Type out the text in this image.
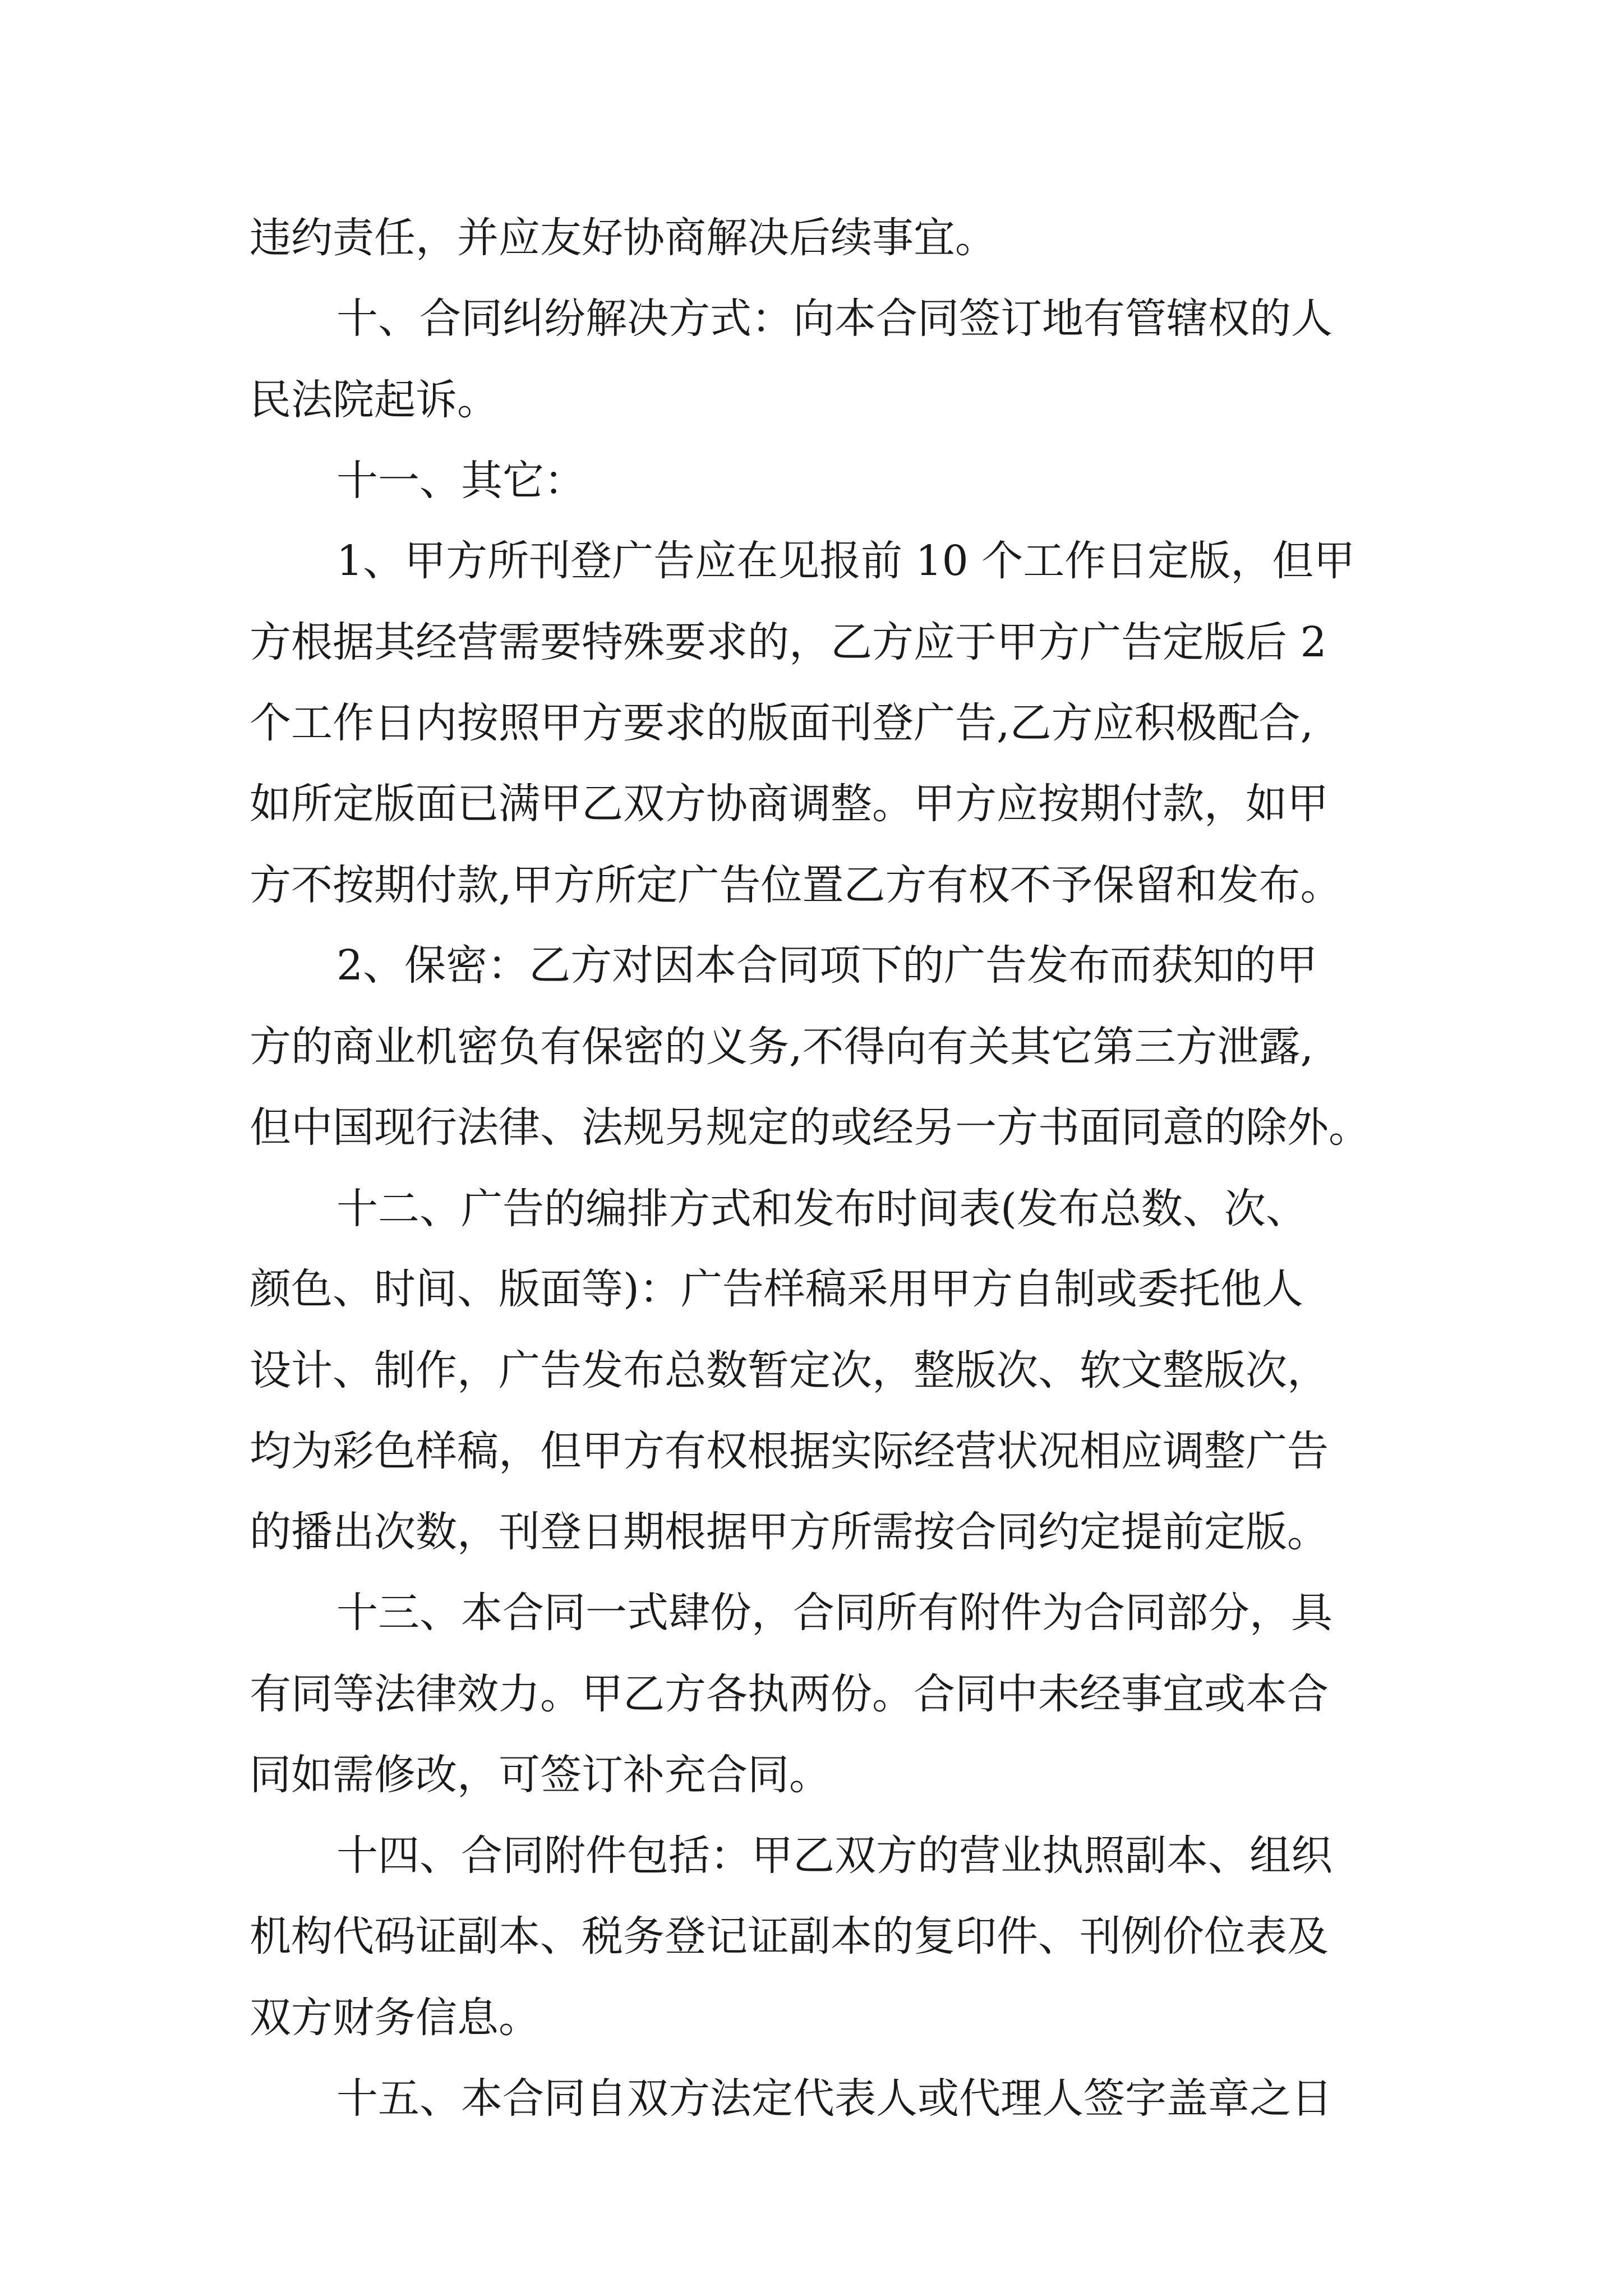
违约责任，并应友好协商解决后续事宜。
十、合同纠纷解决方式：向本合同签订地有管辖权的人
民法院起诉。
十一、其它：
1、甲方所刊登广告应在见报前 10 个工作日定版，但甲
方根据其经营需要特殊要求的，乙方应于甲方广告定版后 2
个工作日内按照甲方要求的版面刊登广告,乙方应积极配合,
如所定版面已满甲乙双方协商调整。甲方应按期付款，如甲
方不按期付款,甲方所定广告位置乙方有权不予保留和发布。
2、保密：乙方对因本合同项下的广告发布而获知的甲
方的商业机密负有保密的义务,不得向有关其它第三方泄露,
但中国现行法律、法规另规定的或经另一方书面同意的除外。
十二、广告的编排方式和发布时间表(发布总数、次、
颜色、时间、版面等)：广告样稿采用甲方自制或委托他人
设计、制作，广告发布总数暂定次，整版次、软文整版次，
均为彩色样稿，但甲方有权根据实际经营状况相应调整广告
的播出次数，刊登日期根据甲方所需按合同约定提前定版。
十三、本合同一式肆份，合同所有附件为合同部分，具
有同等法律效力。甲乙方各执两份。合同中未经事宜或本合
同如需修改，可签订补充合同。
十四、合同附件包括：甲乙双方的营业执照副本、组织
机构代码证副本、税务登记证副本的复印件、刊例价位表及
双方财务信息。
十五、本合同自双方法定代表人或代理人签字盖章之日
